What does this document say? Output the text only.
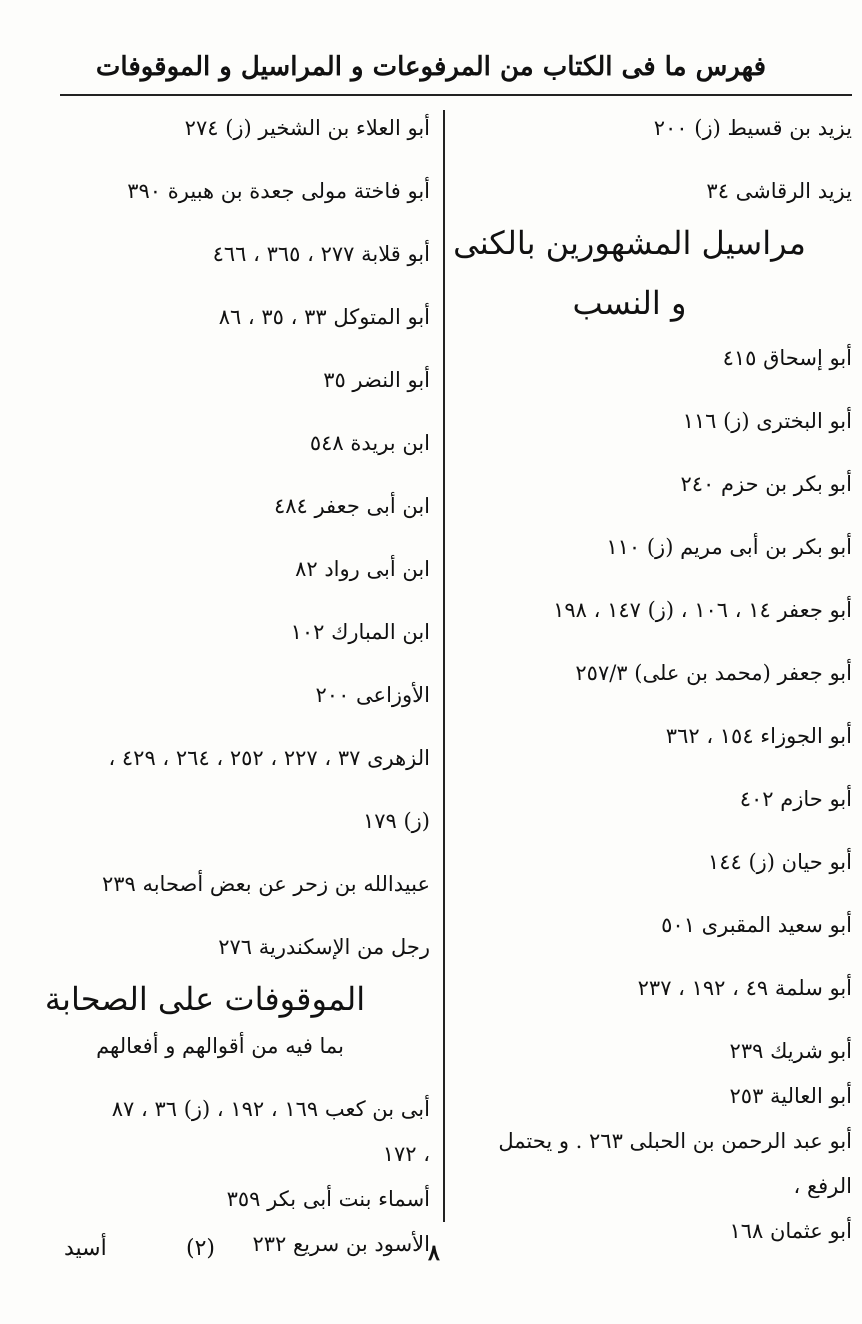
فهرس ما فى الكتاب من المرفوعات و المراسيل و الموقوفات
يزيد بن قسيط (ز) ٢٠٠
يزيد الرقاشى ٣٤
مراسيل المشهورين بالكنى
و النسب
أبو إسحاق ٤١٥
أبو البخترى (ز) ١١٦
أبو بكر بن حزم ٢٤٠
أبو بكر بن أبى مريم (ز) ١١٠
أبو جعفر ١٤ ، ١٠٦ ، (ز) ١٤٧ ، ١٩٨
أبو جعفر (محمد بن على) ٢٥٧/٣
أبو الجوزاء ١٥٤ ، ٣٦٢
أبو حازم ٤٠٢
أبو حيان (ز) ١٤٤
أبو سعيد المقبرى ٥٠١
أبو سلمة ٤٩ ، ١٩٢ ، ٢٣٧
أبو شريك ٢٣٩
أبو العالية ٢٥٣
أبو عبد الرحمن بن الحبلى ٢٦٣ . و يحتمل
الرفع ،
أبو عثمان ١٦٨
أبو العلاء بن الشخير (ز) ٢٧٤
أبو فاختة مولى جعدة بن هبيرة ٣٩٠
أبو قلابة ٢٧٧ ، ٣٦٥ ، ٤٦٦
أبو المتوكل ٣٣ ، ٣٥ ، ٨٦
أبو النضر ٣٥
ابن بريدة ٥٤٨
ابن أبى جعفر ٤٨٤
ابن أبى رواد ٨٢
ابن المبارك ١٠٢
الأوزاعى ٢٠٠
الزهرى ٣٧ ، ٢٢٧ ، ٢٥٢ ، ٢٦٤ ، ٤٢٩ ،
(ز) ١٧٩
عبيدالله بن زحر عن بعض أصحابه ٢٣٩
رجل من الإسكندرية ٢٧٦
الموقوفات على الصحابة
بما فيه من أقوالهم و أفعالهم
أبى بن كعب ١٦٩ ، ١٩٢ ، (ز) ٣٦ ، ٨٧
، ١٧٢
أسماء بنت أبى بكر ٣٥٩
الأسود بن سريع ٢٣٢
٨
(٢)
أسيد
